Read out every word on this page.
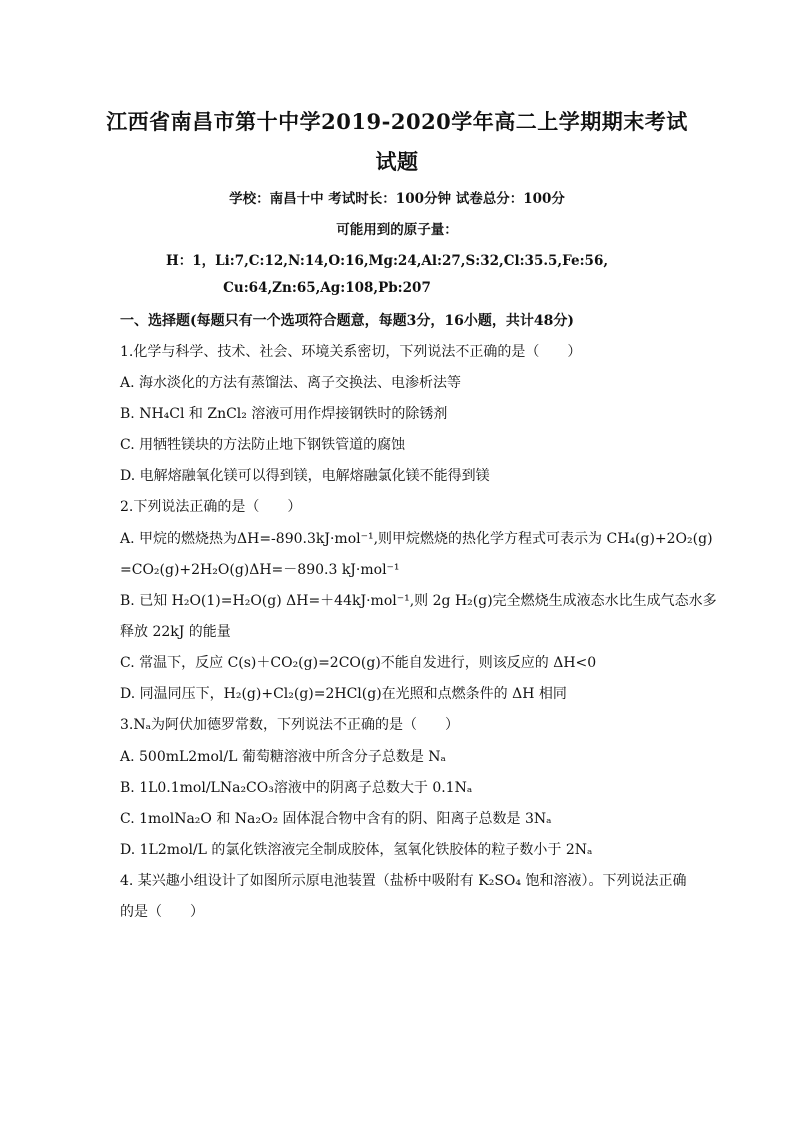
江西省南昌市第十中学2019-2020学年高二上学期期末考试
试题
学校：南昌十中 考试时长：100分钟 试卷总分：100分
可能用到的原子量：
H：1，Li:7,C:12,N:14,O:16,Mg:24,Al:27,S:32,Cl:35.5,Fe:56,
Cu:64,Zn:65,Ag:108,Pb:207
一、选择题(每题只有一个选项符合题意，每题3分，16小题，共计48分)
1.化学与科学、技术、社会、环境关系密切，下列说法不正确的是（　　）
A. 海水淡化的方法有蒸馏法、离子交换法、电渗析法等
B. NH₄Cl 和 ZnCl₂ 溶液可用作焊接钢铁时的除锈剂
C. 用牺牲镁块的方法防止地下钢铁管道的腐蚀
D. 电解熔融氧化镁可以得到镁，电解熔融氯化镁不能得到镁
2.下列说法正确的是（　　）
A. 甲烷的燃烧热为ΔH=-890.3kJ·mol⁻¹,则甲烷燃烧的热化学方程式可表示为 CH₄(g)+2O₂(g)
=CO₂(g)+2H₂O(g)ΔH=－890.3 kJ·mol⁻¹
B. 已知 H₂O(1)=H₂O(g) ΔH=＋44kJ·mol⁻¹,则 2g H₂(g)完全燃烧生成液态水比生成气态水多
释放 22kJ 的能量
C. 常温下，反应 C(s)＋CO₂(g)=2CO(g)不能自发进行，则该反应的 ΔH<0
D. 同温同压下，H₂(g)+Cl₂(g)=2HCl(g)在光照和点燃条件的 ΔH 相同
3.Nₐ为阿伏加德罗常数，下列说法不正确的是（　　）
A. 500mL2mol/L 葡萄糖溶液中所含分子总数是 Nₐ
B. 1L0.1mol/LNa₂CO₃溶液中的阴离子总数大于 0.1Nₐ
C. 1molNa₂O 和 Na₂O₂ 固体混合物中含有的阴、阳离子总数是 3Nₐ
D. 1L2mol/L 的氯化铁溶液完全制成胶体，氢氧化铁胶体的粒子数小于 2Nₐ
4. 某兴趣小组设计了如图所示原电池装置（盐桥中吸附有 K₂SO₄ 饱和溶液）。下列说法正确
的是（　　）
